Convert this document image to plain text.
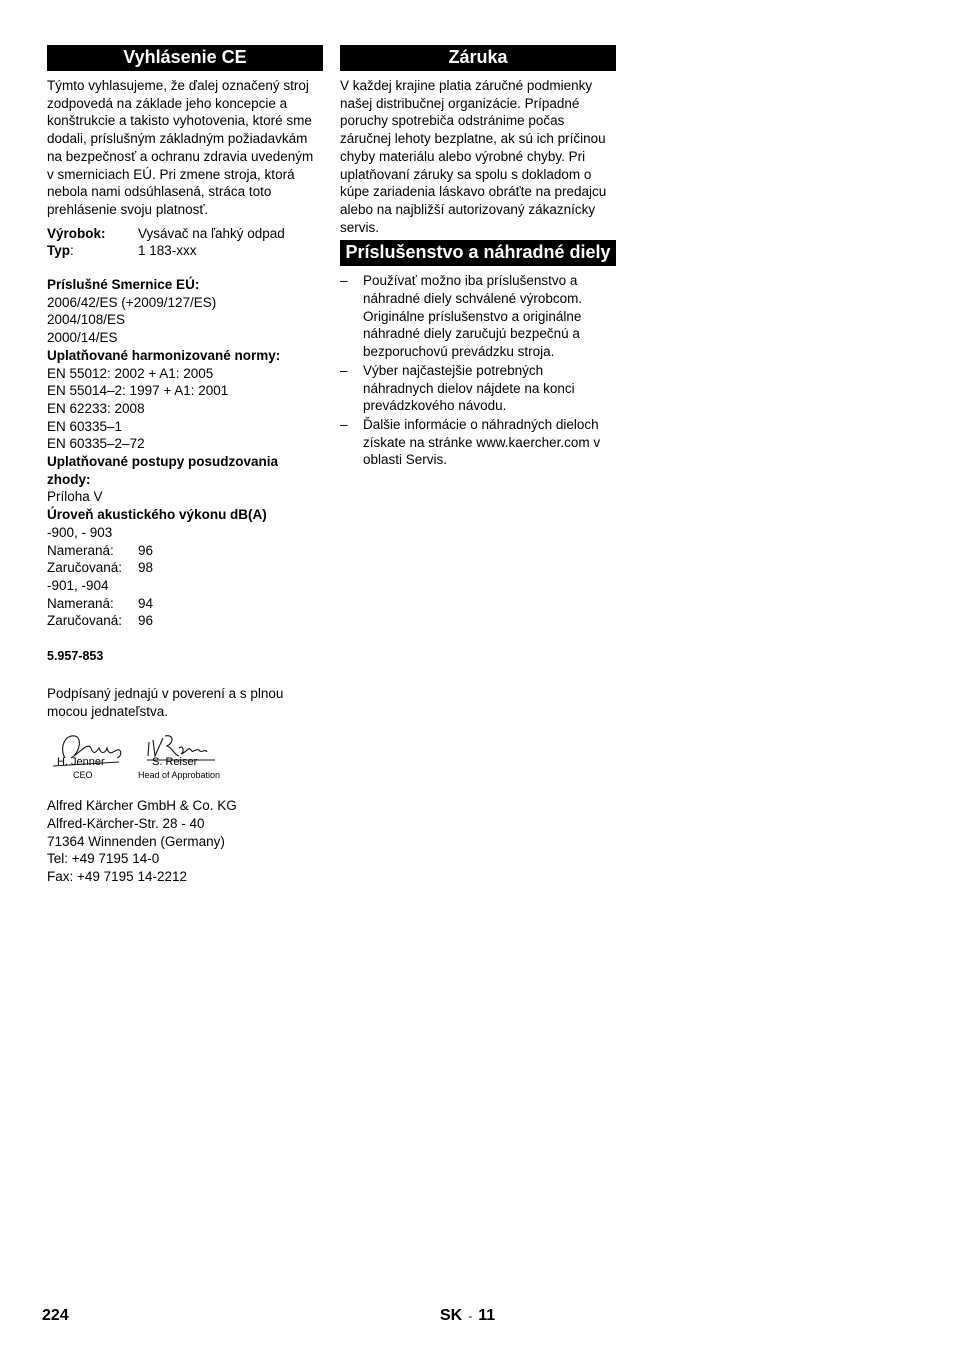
Vyhlásenie CE

Týmto vyhlasujeme, že ďalej označený stroj zodpovedá na základe jeho koncepcie a konštrukcie a takisto vyhotovenia, ktoré sme dodali, príslušným základným požiadavkám na bezpečnosť a ochranu zdravia uvedeným v smerniciach EÚ. Pri zmene stroja, ktorá nebola nami odsúhlasená, stráca toto prehlásenie svoju platnosť.

Výrobok:	Vysávač na ľahký odpad
Typ:	1 183-xxx
Príslušné Smernice EÚ:
2006/42/ES (+2009/127/ES)
2004/108/ES
2000/14/ES
Uplatňované harmonizované normy:
EN 55012: 2002 + A1: 2005
EN 55014–2: 1997 + A1: 2001
EN 62233: 2008
EN 60335–1
EN 60335–2–72
Uplatňované postupy posudzovania zhody:
Príloha V
Úroveň akustického výkonu dB(A)
-900, - 903
Nameraná:	96
Zaručovaná:	98
-901, -904
Nameraná:	94
Zaručovaná:	96
5.957-853

Podpísaný jednajú v poverení a s plnou mocou jednateľstva.

H. Jenner
CEO
S. Reiser
Head of Approbation
Alfred Kärcher GmbH & Co. KG
Alfred-Kärcher-Str. 28 - 40
71364 Winnenden (Germany)
Tel: +49 7195 14-0
Fax: +49 7195 14-2212
Záruka

V každej krajine platia záručné podmienky našej distribučnej organizácie. Prípadné poruchy spotrebiča odstránime počas záručnej lehoty bezplatne, ak sú ich príčinou chyby materiálu alebo výrobné chyby. Pri uplatňovaní záruky sa spolu s dokladom o kúpe zariadenia láskavo obráťte na predajcu alebo na najbližší autorizovaný zákaznícky servis.

Príslušenstvo a náhradné diely
– Používať možno iba príslušenstvo a náhradné diely schválené výrobcom. Originálne príslušenstvo a originálne náhradné diely zaručujú bezpečnú a bezporuchovú prevádzku stroja.
– Výber najčastejšie potrebných náhradnych dielov nájdete na konci prevádzkového návodu.
– Ďalšie informácie o náhradných dieloch získate na stránke www.kaercher.com v oblasti Servis.
224	SK - 11
